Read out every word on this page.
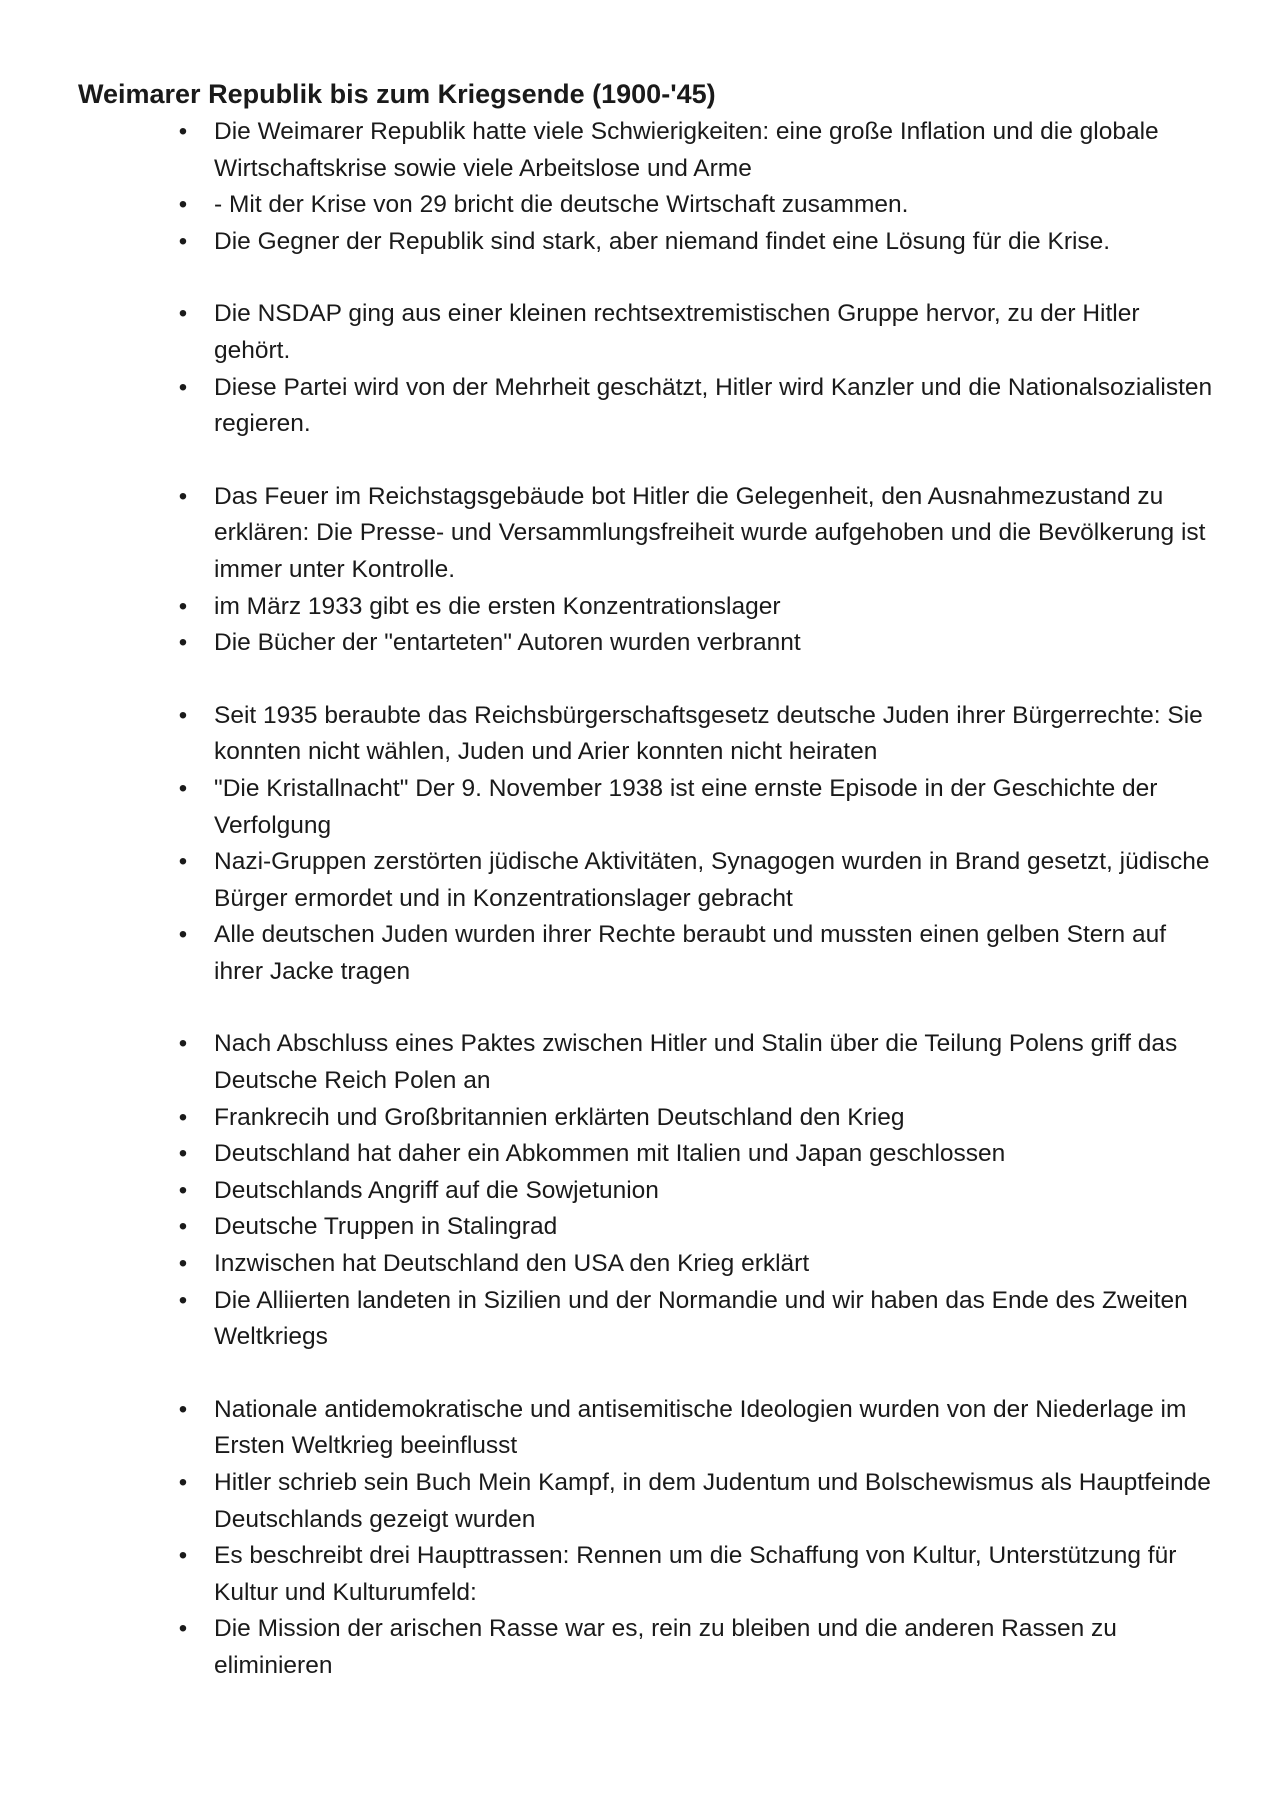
Weimarer Republik bis zum Kriegsende (1900-'45)
• Die Weimarer Republik hatte viele Schwierigkeiten: eine große Inflation und die globale Wirtschaftskrise sowie viele Arbeitslose und Arme
• - Mit der Krise von 29 bricht die deutsche Wirtschaft zusammen.
• Die Gegner der Republik sind stark, aber niemand findet eine Lösung für die Krise.
• Die NSDAP ging aus einer kleinen rechtsextremistischen Gruppe hervor, zu der Hitler gehört.
• Diese Partei wird von der Mehrheit geschätzt, Hitler wird Kanzler und die Nationalsozialisten regieren.
• Das Feuer im Reichstagsgebäude bot Hitler die Gelegenheit, den Ausnahmezustand zu erklären: Die Presse- und Versammlungsfreiheit wurde aufgehoben und die Bevölkerung ist immer unter Kontrolle.
• im März 1933 gibt es die ersten Konzentrationslager
• Die Bücher der "entarteten" Autoren wurden verbrannt
• Seit 1935 beraubte das Reichsbürgerschaftsgesetz deutsche Juden ihrer Bürgerrechte: Sie konnten nicht wählen, Juden und Arier konnten nicht heiraten
• "Die Kristallnacht" Der 9. November 1938 ist eine ernste Episode in der Geschichte der Verfolgung
• Nazi-Gruppen zerstörten jüdische Aktivitäten, Synagogen wurden in Brand gesetzt, jüdische Bürger ermordet und in Konzentrationslager gebracht
• Alle deutschen Juden wurden ihrer Rechte beraubt und mussten einen gelben Stern auf ihrer Jacke tragen
• Nach Abschluss eines Paktes zwischen Hitler und Stalin über die Teilung Polens griff das Deutsche Reich Polen an
• Frankrecih und Großbritannien erklärten Deutschland den Krieg
• Deutschland hat daher ein Abkommen mit Italien und Japan geschlossen
• Deutschlands Angriff auf die Sowjetunion
• Deutsche Truppen in Stalingrad
• Inzwischen hat Deutschland den USA den Krieg erklärt
• Die Alliierten landeten in Sizilien und der Normandie und wir haben das Ende des Zweiten Weltkriegs
• Nationale antidemokratische und antisemitische Ideologien wurden von der Niederlage im Ersten Weltkrieg beeinflusst
• Hitler schrieb sein Buch Mein Kampf, in dem Judentum und Bolschewismus als Hauptfeinde Deutschlands gezeigt wurden
• Es beschreibt drei Haupttrassen: Rennen um die Schaffung von Kultur, Unterstützung für Kultur und Kulturumfeld:
• Die Mission der arischen Rasse war es, rein zu bleiben und die anderen Rassen zu eliminieren
